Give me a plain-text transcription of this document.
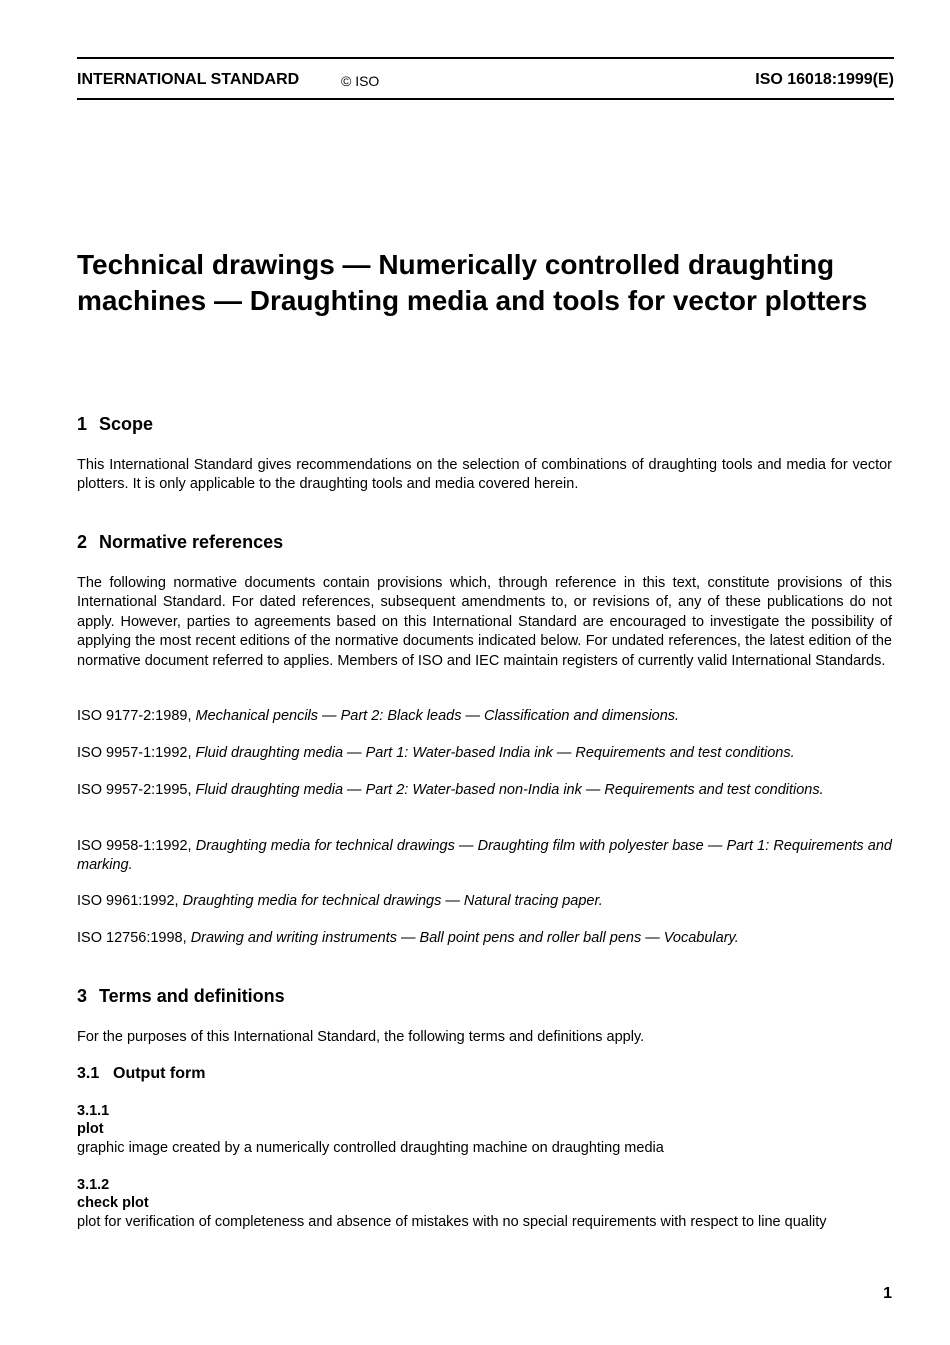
INTERNATIONAL STANDARD	© ISO	ISO 16018:1999(E)
Technical drawings — Numerically controlled draughting
machines — Draughting media and tools for vector plotters
1 Scope

This International Standard gives recommendations on the selection of combinations of draughting tools and media for vector plotters. It is only applicable to the draughting tools and media covered herein.

2 Normative references

The following normative documents contain provisions which, through reference in this text, constitute provisions of this International Standard. For dated references, subsequent amendments to, or revisions of, any of these publications do not apply. However, parties to agreements based on this International Standard are encouraged to investigate the possibility of applying the most recent editions of the normative documents indicated below. For undated references, the latest edition of the normative document referred to applies. Members of ISO and IEC maintain registers of currently valid International Standards.

ISO 9177-2:1989, Mechanical pencils — Part 2: Black leads — Classification and dimensions.

ISO 9957-1:1992, Fluid draughting media — Part 1: Water-based India ink — Requirements and test conditions.

ISO 9957-2:1995, Fluid draughting media — Part 2: Water-based non-India ink — Requirements and test conditions.

ISO 9958-1:1992, Draughting media for technical drawings — Draughting film with polyester base — Part 1: Requirements and marking.

ISO 9961:1992, Draughting media for technical drawings — Natural tracing paper.

ISO 12756:1998, Drawing and writing instruments — Ball point pens and roller ball pens — Vocabulary.

3 Terms and definitions

For the purposes of this International Standard, the following terms and definitions apply.

3.1 Output form

3.1.1

plot

graphic image created by a numerically controlled draughting machine on draughting media

3.1.2

check plot

plot for verification of completeness and absence of mistakes with no special requirements with respect to line quality

1
